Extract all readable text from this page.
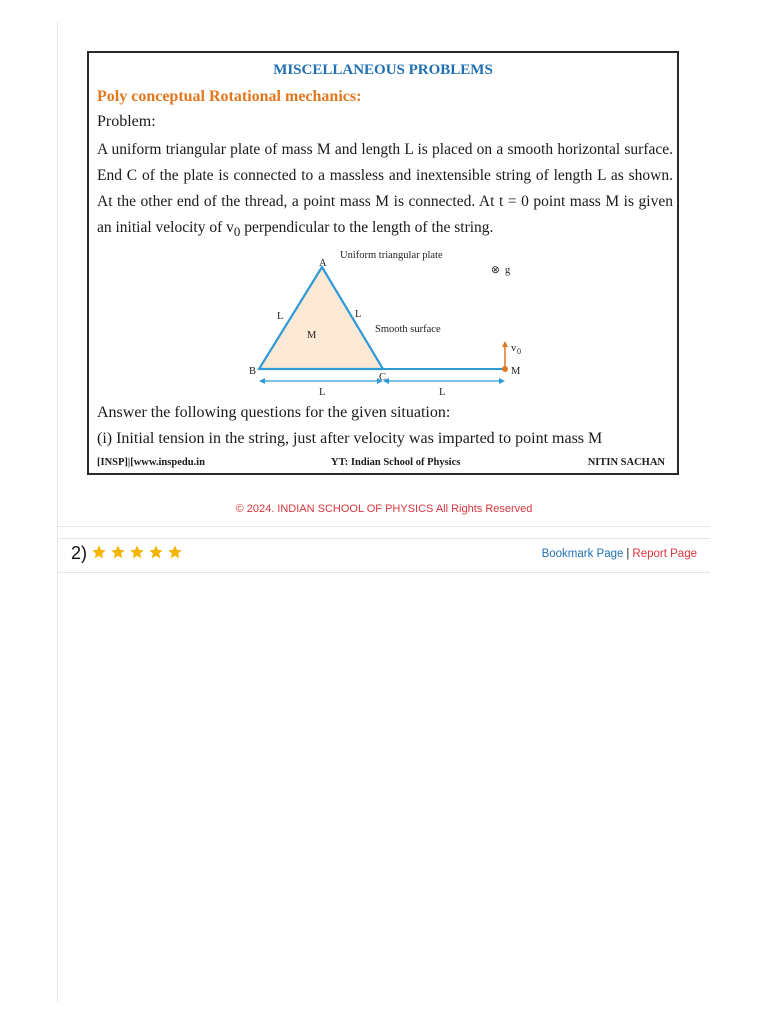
MISCELLANEOUS PROBLEMS
Poly conceptual Rotational mechanics:
Problem:
A uniform triangular plate of mass M and length L is placed on a smooth horizontal surface. End C of the plate is connected to a massless and inextensible string of length L as shown. At the other end of the thread, a point mass M is connected. At t = 0 point mass M is given an initial velocity of $v_0$ perpendicular to the length of the string.
Uniform triangular plate
A
B
C
L	L
M
Smooth surface
⊗ g
v 0
M
L	L
Answer the following questions for the given situation:
(i) Initial tension in the string, just after velocity was imparted to point mass M
[INSP]|[www.inspedu.in	YT: Indian School of Physics	NITIN SACHAN
© 2024. INDIAN SCHOOL OF PHYSICS All Rights Reserved
2)	Bookmark Page | Report Page
